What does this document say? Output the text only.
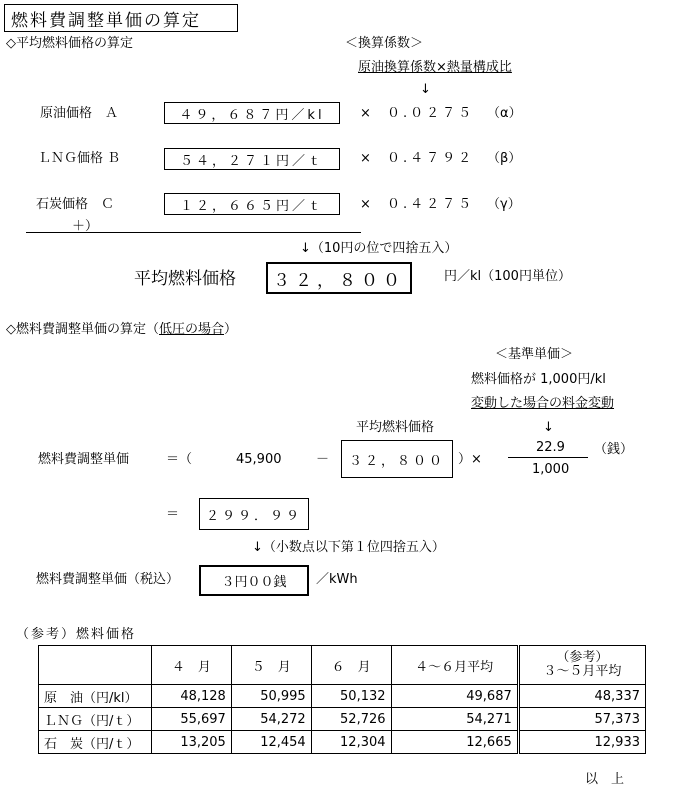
燃料費調整単価の算定
◇平均燃料価格の算定	＜換算係数＞
原油換算係数×熱量構成比
↓
原油価格　Ａ	４９，６８７円／kl	× ０.０２７５ （α）
ＬＮＧ価格 Ｂ	５４，２７１円／ｔ	× ０.４７９２ （β）
石炭価格　Ｃ	１２，６６５円／ｔ	× ０.４２７５ （γ）
＋）
↓（10円の位で四捨五入）
平均燃料価格 ３２，８００	円／kl（100円単位）
◇燃料費調整単価の算定（低圧の場合）
＜基準単価＞
燃料価格が 1,000円/kl
変動した場合の料金変動
↓
平均燃料価格
燃料費調整単価	＝（	45,900	－ ３２，８００ ）×
22.9
1,000
（銭）
＝ ２９９．９９
↓（小数点以下第１位四捨五入）
燃料費調整単価（税込）	３円００銭 ／kWh
（参考）燃料価格
	４　月	５　月	６　月	４～６月平均	（参考）
３～５月平均

原　油（円/kl）	48,128	50,995	50,132	49,687	48,337
ＬＮＧ（円/ｔ）	55,697	54,272	52,726	54,271	57,373
石　炭（円/ｔ）	13,205	12,454	12,304	12,665	12,933
以　上
